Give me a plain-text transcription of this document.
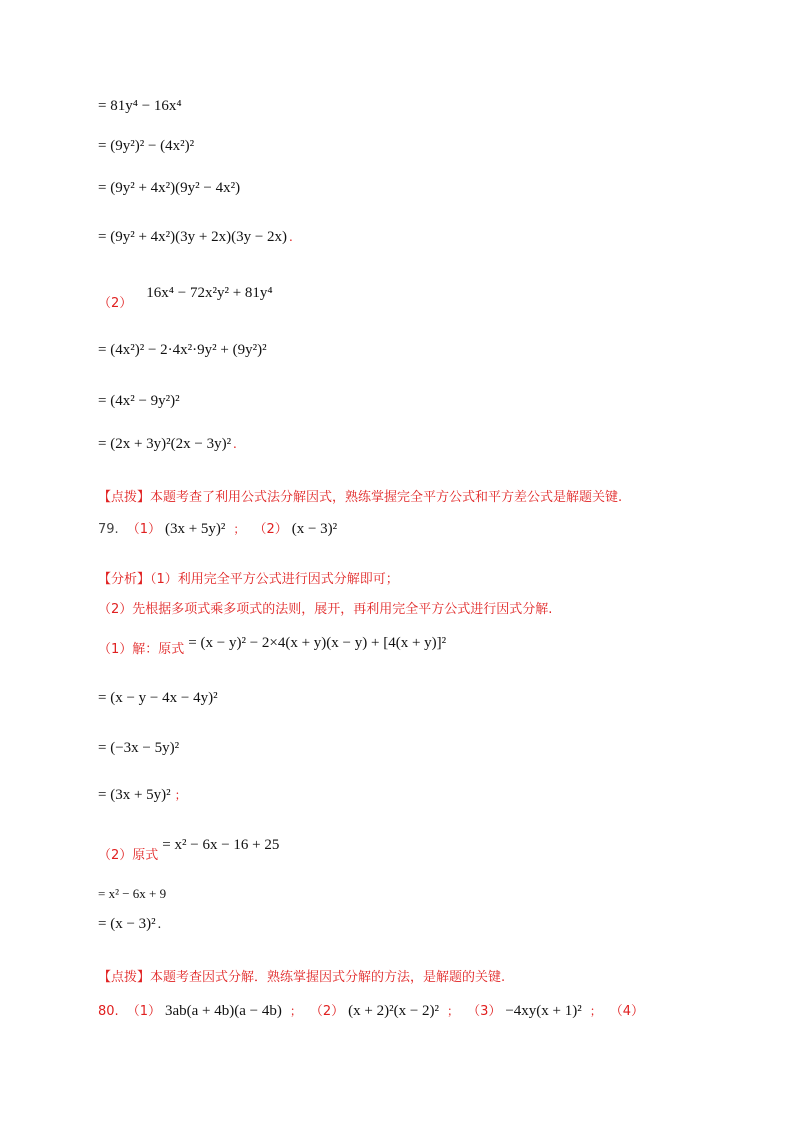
= 81y⁴ − 16x⁴
= (9y²)² − (4x²)²
= (9y² + 4x²)(9y² − 4x²)
= (9y² + 4x²)(3y + 2x)(3y − 2x) .
$_{(2)}$ 16x⁴ − 72x²y² + 81y⁴
= (4x²)² − 2·4x²·9y² + (9y²)²
= (4x² − 9y²)²
= (2x + 3y)²(2x − 3y)² .
【点拨】本题考查了利用公式法分解因式，熟练掌握完全平方公式和平方差公式是解题关键.
79. （1） (3x + 5y)² ； （2） (x − 3)²
【分析】（1）利用完全平方公式进行因式分解即可；
（2）先根据多项式乘多项式的法则，展开，再利用完全平方公式进行因式分解.
$_{(1)解:原式}$ = (x − y)² − 2×4(x + y)(x − y) + [4(x + y)]²
= (x − y − 4x − 4y)²
= (−3x − 5y)²
= (3x + 5y)² ；
$_{(2)原式}$ = x² − 6x − 16 + 25
= x² − 6x + 9
= (x − 3)² .
【点拨】本题考查因式分解．熟练掌握因式分解的方法，是解题的关键.
80. （1） 3ab(a + 4b)(a − 4b) ； （2） (x + 2)²(x − 2)² ； （3） −4xy(x + 1)² ； （4）
